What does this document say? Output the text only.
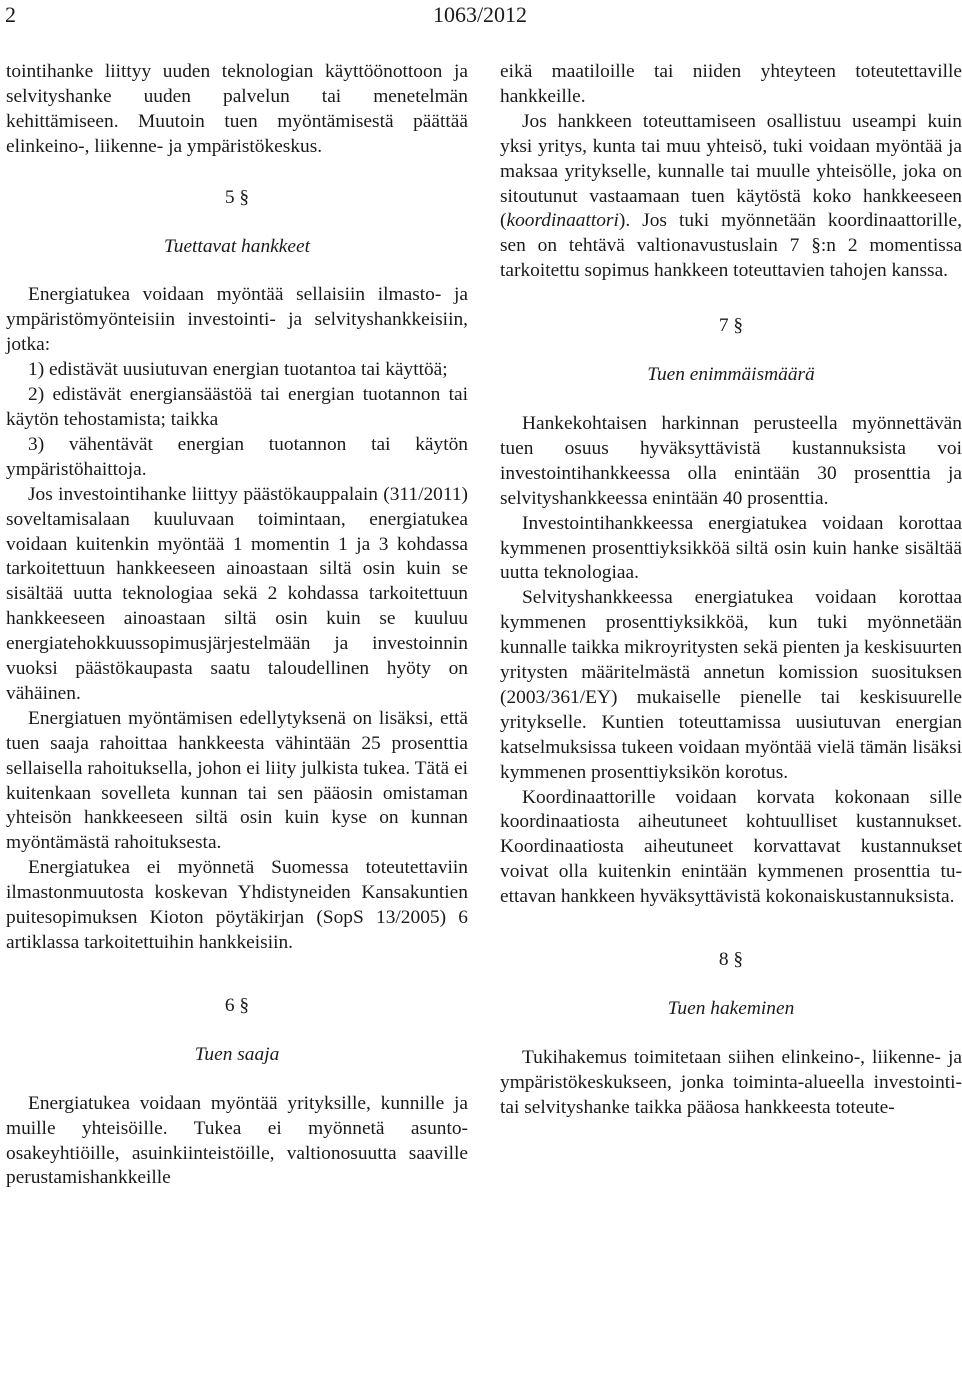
2	1063/2012

tointihanke liittyy uuden teknologian käyttöönottoon ja selvityshanke uuden palvelun tai menetelmän kehittämiseen. Muutoin tuen myöntämisestä päättää elinkeino-, liikenne- ja ympäristökeskus.

5 §
Tuettavat hankkeet

Energiatukea voidaan myöntää sellaisiin ilmasto- ja ympäristömyönteisiin investointi- ja selvityshankkeisiin, jotka:

1) edistävät uusiutuvan energian tuotantoa tai käyttöä;

2) edistävät energiansäästöä tai energian tuotannon tai käytön tehostamista; taikka

3) vähentävät energian tuotannon tai käytön ympäristöhaittoja.

Jos investointihanke liittyy päästökauppalain (311/2011) soveltamisalaan kuuluvaan toimintaan, energiatukea voidaan kuitenkin myöntää 1 momentin 1 ja 3 kohdassa tarkoitettuun hankkeeseen ainoastaan siltä osin kuin se sisältää uutta teknologiaa sekä 2 kohdassa tarkoitettuun hankkeeseen ainoastaan siltä osin kuin se kuuluu energiatehokkuussopimusjärjestelmään ja investoinnin vuoksi päästökaupasta saatu taloudellinen hyöty on vähäinen.

Energiatuen myöntämisen edellytyksenä on lisäksi, että tuen saaja rahoittaa hankkeesta vähintään 25 prosenttia sellaisella rahoituksella, johon ei liity julkista tukea. Tätä ei kuitenkaan sovelleta kunnan tai sen pääosin omistaman yhteisön hankkeeseen siltä osin kuin kyse on kunnan myöntämästä rahoituksesta.

Energiatukea ei myönnetä Suomessa toteutettaviin ilmastonmuutosta koskevan Yhdistyneiden Kansakuntien puitesopimuksen Kioton pöytäkirjan (SopS 13/2005) 6 artiklassa tarkoitettuihin hankkeisiin.

6 §
Tuen saaja

Energiatukea voidaan myöntää yrityksille, kunnille ja muille yhteisöille. Tukea ei myönnetä asunto-osakeyhtiöille, asuinkiinteistöille, valtionosuutta saaville perustamishankkeille

eikä maatiloille tai niiden yhteyteen toteutettaville hankkeille.

Jos hankkeen toteuttamiseen osallistuu useampi kuin yksi yritys, kunta tai muu yhteisö, tuki voidaan myöntää ja maksaa yritykselle, kunnalle tai muulle yhteisölle, joka on sitoutunut vastaamaan tuen käytöstä koko hankkeeseen (koordinaattori). Jos tuki myönnetään koordinaattorille, sen on tehtävä valtionavustuslain 7 §:n 2 momentissa tarkoitettu sopimus hankkeen toteuttavien tahojen kanssa.

7 §
Tuen enimmäismäärä

Hankekohtaisen harkinnan perusteella myönnettävän tuen osuus hyväksyttävistä kustannuksista voi investointihankkeessa olla enintään 30 prosenttia ja selvityshankkeessa enintään 40 prosenttia.

Investointihankkeessa energiatukea voidaan korottaa kymmenen prosenttiyksikköä siltä osin kuin hanke sisältää uutta teknologiaa.

Selvityshankkeessa energiatukea voidaan korottaa kymmenen prosenttiyksikköä, kun tuki myönnetään kunnalle taikka mikroyritysten sekä pienten ja keskisuurten yritysten määritelmästä annetun komission suosituksen (2003/361/EY) mukaiselle pienelle tai keskisuurelle yritykselle. Kuntien toteuttamissa uusiutuvan energian katselmuksissa tukeen voidaan myöntää vielä tämän lisäksi kymmenen prosenttiyksikön korotus.

Koordinaattorille voidaan korvata kokonaan sille koordinaatiosta aiheutuneet kohtuulliset kustannukset. Koordinaatiosta aiheutuneet korvattavat kustannukset voivat olla kuitenkin enintään kymmenen prosenttia tuettavan hankkeen hyväksyttävistä kokonaiskustannuksista.

8 §
Tuen hakeminen

Tukihakemus toimitetaan siihen elinkeino-, liikenne- ja ympäristökeskukseen, jonka toiminta-alueella investointi- tai selvityshanke taikka pääosa hankkeesta toteute-
